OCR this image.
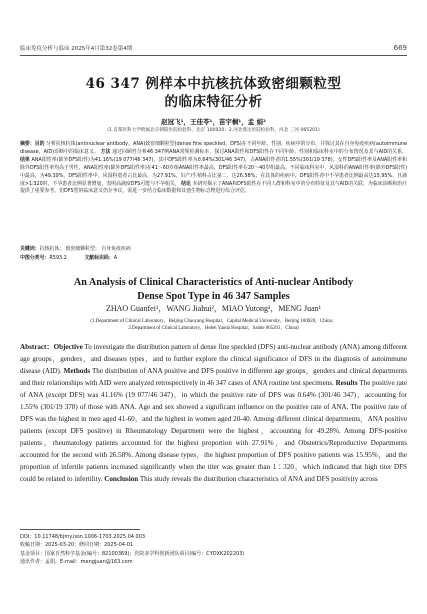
临床免疫分析与临床 2025年4月第32卷第4期	669
46 347 例样本中抗核抗体致密细颗粒型
的临床特征分析
赵冠飞¹，王佳苓¹，苗宇桐¹，孟 娟²
(1.首都医科大学附属北京朝阳医院检验科，北京 100020；2.河北燕达医院检验科，河北 三河 065201)
摘要：目的 分析抗核抗体(antinuclear antibody，ANA)致密细颗粒型(dense fine speckled，DFS)在不同年龄、性别、疾病中的分布，并探讨其在自身免疫疾病(autoimmune disease，AID)诊断中的临床意义。 方法 通过回顾性分析46 347例ANA常规检测标本，探讨ANA阳性和DFS阳性在不同年龄、性别和临床科室中的分布情况及其与AID的关系。 结果 ANA阳性率(除外DFS阳性)为41.16%(19 077/46 347)，其中DFS阳性率为0.64%(301/46 347)，占ANA阳性者的1.55%(301/19 378)。女性DFS阳性率及ANA阳性率和除外DFS阳性率均高于男性，ANA阳性率(除外DFS阳性率)在41～60岁组ANA阳性率最高，DFS阳性率在20～40岁组最高。不同临床科室中，风湿科的ANA阳性率(除外DFS阳性)中最高，为49.39%，DFS阳性率中，风湿科患者占比最高，为27.91%，妇产/生殖科占比第二，达26.58%；在其体的疾病中，DFS阳性者中不孕患者比例最高达15.95%，且滴度>1∶320时，不孕患者比例显著增加，表明高滴度DFS可能与不孕相关。 结论 本研究揭示了ANA和DFS阳性在不同人群和科室中的分布特征及其与AID的关联，为临床诊断和治疗提供了重要参考。但DFS型的临床意义仍存争议，需进一步结合临床数据和其他生物标志物进行综合评估。
关键词：抗核抗体； 致密细颗粒型； 自身免疫疾病
中图分类号：R593.2	文献标识码：A
An Analysis of Clinical Characteristics of Anti-nuclear Antibody
Dense Spot Type in 46 347 Samples
ZHAO Guanfei¹，WANG Jiahui²，MIAO Yutong¹，MENG Juan¹
(1.Department of Clinical Laboratory，Beijing Chaoyang Hospital，Capital Medical University，Beijing 100020，China；
2.Department of Clinical Laboratory，Hebei Yanda Hospital，Sanhe 065201，China)
Abstract：Objective To investigate the distribution pattern of dense fine speckled (DFS) anti-nuclear antibody (ANA) among different age groups，genders，and diseases types，and to further explore the clinical significance of DFS in the diagnosis of autoimmune disease (AID). Methods The distribution of ANA positive and DFS positive in different age groups，genders and clinical departments and their relationships with AID were analyzed retrospectively in 46 347 cases of ANA routine test specimens. Results The positive rate of ANA (except DFS) was 41.16% (19 077/46 347)，in which the positive rate of DFS was 0.64% (301/46 347)，accounting for 1.55% (301/19 378) of those with ANA. Age and sex showed a significant influence on the positive rate of ANA. The positive rate of DFS was the highest in men aged 41-60，and the highest in women aged 20-40. Among different clinical departments，ANA positive patients (except DFS positive) in Rheumatology Department were the highest，accounting for 49.28%. Among DFS-positive patients，rheumatology patients accounted for the highest proportion with 27.91%，and Obstetrics/Reproductive Departments accounted for the second with 26.58%. Among disease types，the highest proportion of DFS positive patients was 15.95%，and the proportion of infertile patients increased significantly when the titer was greater than 1∶320，which indicated that high titer DFS could be related to infertility. Conclusion This study reveals the distribution characteristics of ANA and DFS positivity across
DOI：10.11748/bjmy.issn.1006-1703.2025.04.003
收稿日期：2025-03-20；修回日期：2025-04-01
基金项目：国家自然科学基金(编号：82100369)；医院多学科创新团队项目(编号：CYDXK202203)
通讯作者：孟娟，E-mail：mengjuan@163.com
